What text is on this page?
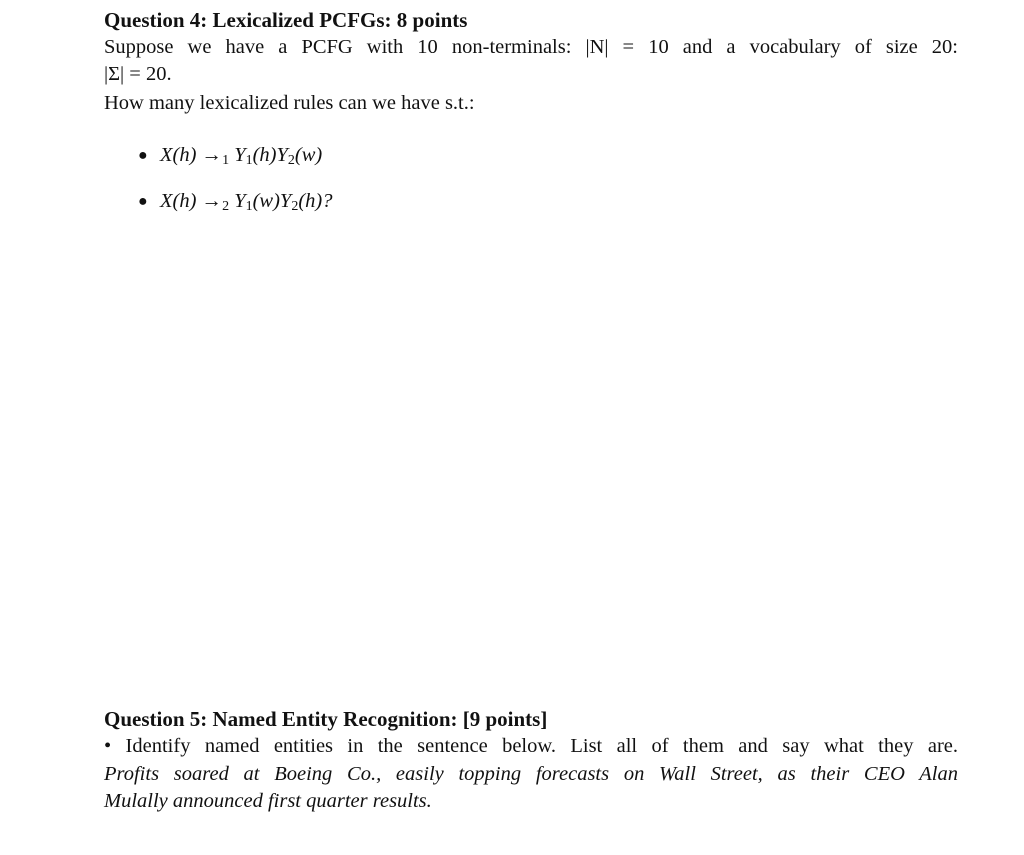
Question 4: Lexicalized PCFGs: 8 points
Suppose we have a PCFG with 10 non-terminals: |N| = 10 and a vocabulary of size 20:
|Σ| = 20.
How many lexicalized rules can we have s.t.:
● $X(h) \to_1$ $Y_1(h)Y_2(w)$
● $X(h) \to_2$ $Y_1(w)Y_2(h)$?
Question 5: Named Entity Recognition: [9 points]
• Identify named entities in the sentence below. List all of them and say what they are.
Profits soared at Boeing Co., easily topping forecasts on Wall Street, as their CEO Alan
Mulally announced first quarter results.
